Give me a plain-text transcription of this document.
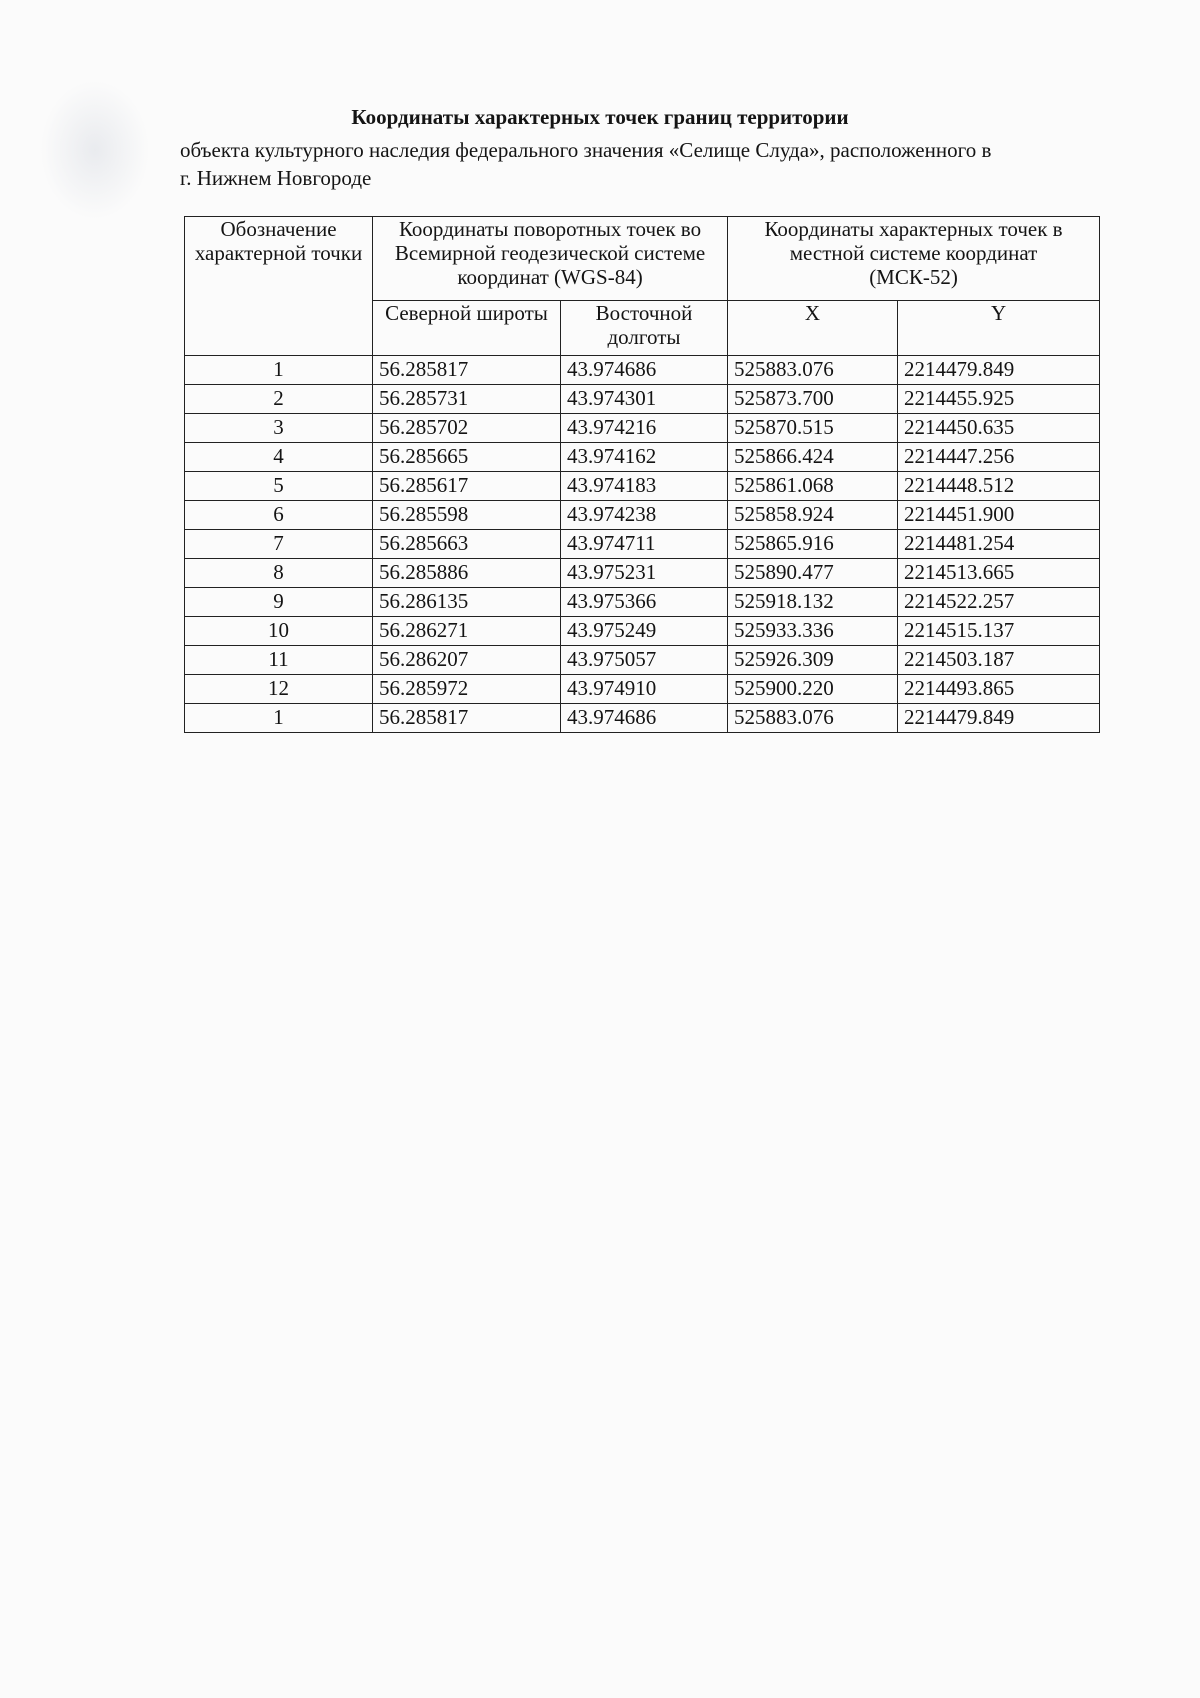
Координаты характерных точек границ территории

объекта культурного наследия федерального значения «Селище Слуда», расположенного в
г. Нижнем Новгороде

Обозначение характерной точки	Координаты поворотных точек во Всемирной геодезической системе координат (WGS-84)		Координаты характерных точек в местной системе координат
(МСК-52)	

	Северной широты	Восточной долготы	X	Y
1	56.285817	43.974686	525883.076	2214479.849
2	56.285731	43.974301	525873.700	2214455.925
3	56.285702	43.974216	525870.515	2214450.635
4	56.285665	43.974162	525866.424	2214447.256
5	56.285617	43.974183	525861.068	2214448.512
6	56.285598	43.974238	525858.924	2214451.900
7	56.285663	43.974711	525865.916	2214481.254
8	56.285886	43.975231	525890.477	2214513.665
9	56.286135	43.975366	525918.132	2214522.257
10	56.286271	43.975249	525933.336	2214515.137
11	56.286207	43.975057	525926.309	2214503.187
12	56.285972	43.974910	525900.220	2214493.865
1	56.285817	43.974686	525883.076	2214479.849
